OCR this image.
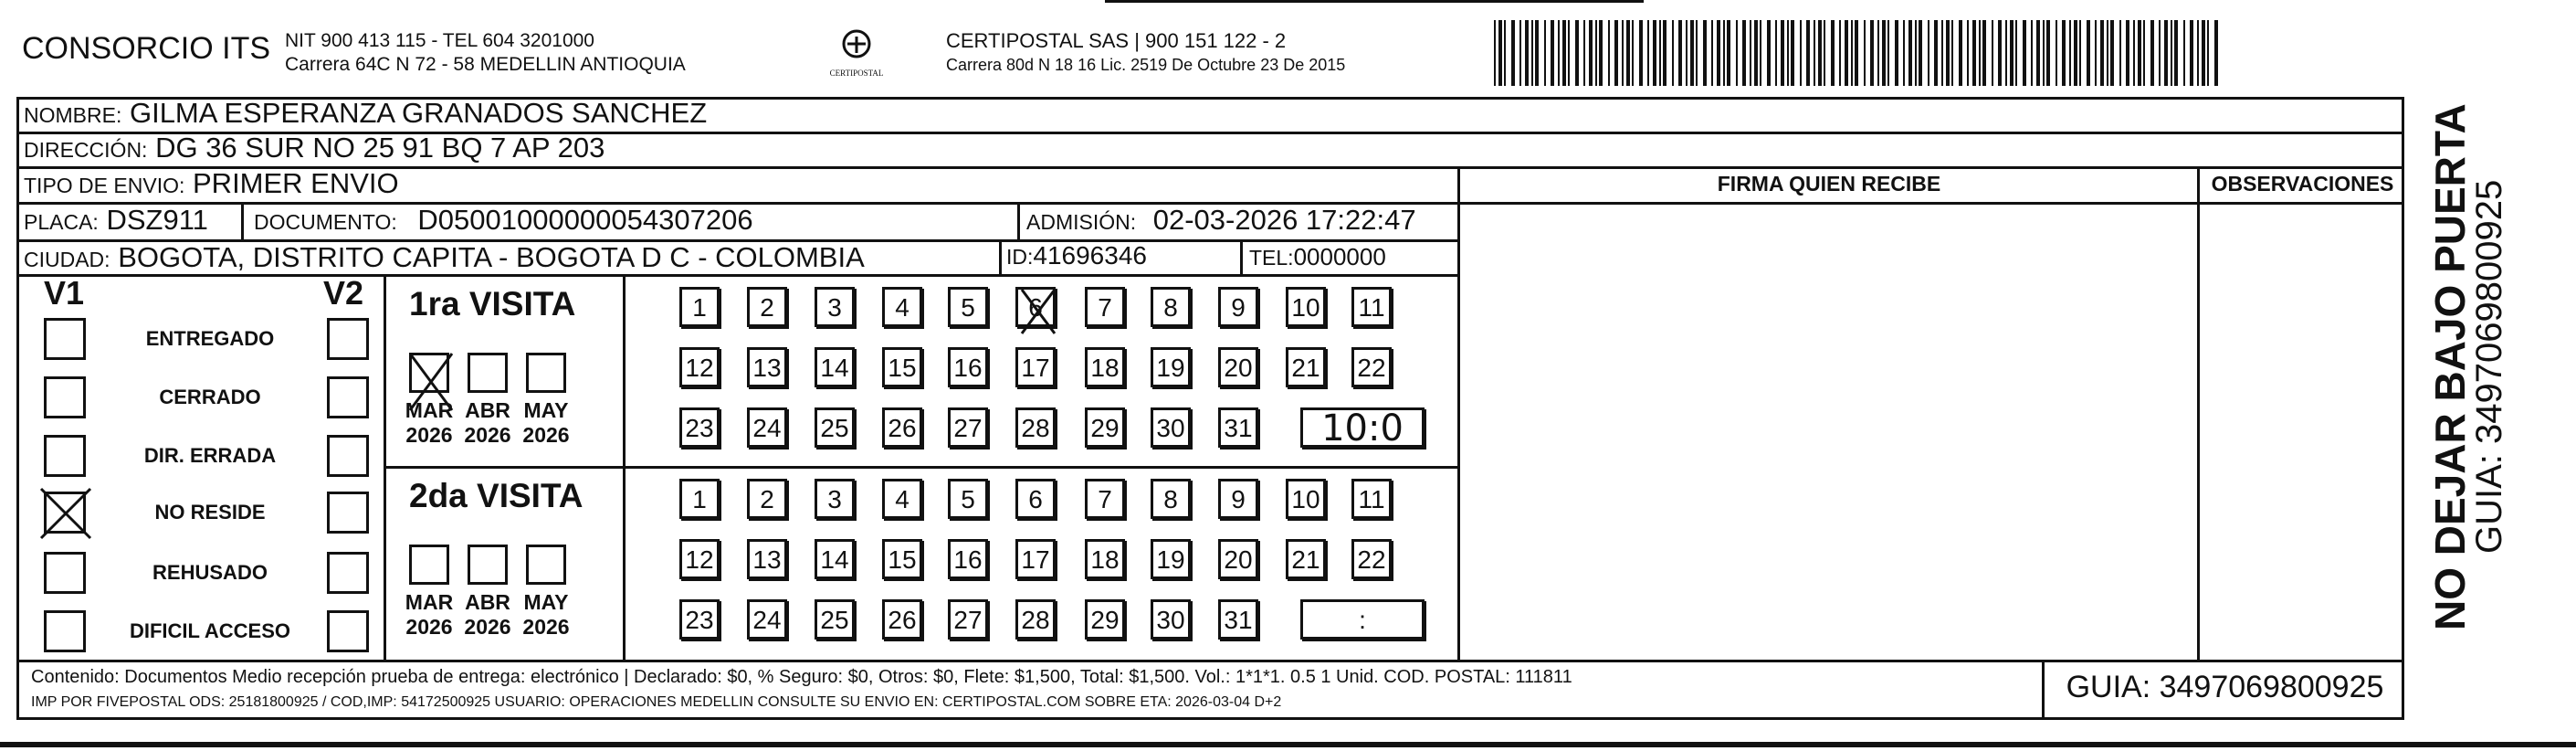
CONSORCIO ITS NIT 900 413 115 - TEL 604 3201000
Carrera 64C N 72 - 58 MEDELLIN ANTIOQUIA	CERTIPOSTAL
CERTIPOSTAL SAS | 900 151 122 - 2
Carrera 80d N 18 16 Lic. 2519 De Octubre 23 De 2015
NOMBRE: GILMA ESPERANZA GRANADOS SANCHEZ
DIRECCIÓN: DG 36 SUR NO 25 91 BQ 7 AP 203
TIPO DE ENVIO: PRIMER ENVIO
PLACA: DSZ911 DOCUMENTO: D05001000000054307206	ADMISIÓN: 02-03-2026 17:22:47
CIUDAD: BOGOTA, DISTRITO CAPITA - BOGOTA D C - COLOMBIA	ID:41696346	TEL:0000000
FIRMA QUIEN RECIBE	OBSERVACIONES
V1	V2
ENTREGADO
CERRADO
DIR. ERRADA
NO RESIDE
REHUSADO
DIFICIL ACCESO
1ra VISITA
MAR
2026
ABR
2026
MAY
2026
1	2	3	4	5	6	7	8	9	10 11
12 13 14 15 16 17 18 19 20 21 22
23 24 25 26 27 28 29 30 31	10:0
2da VISITA
MAR
2026
ABR
2026
MAY
2026
1	2	3	4	5	6	7	8	9	10 11
12 13 14 15 16 17 18 19 20 21 22
23 24 25 26 27 28 29 30 31	:
Contenido: Documentos Medio recepción prueba de entrega: electrónico | Declarado: $0, % Seguro: $0, Otros: $0, Flete: $1,500, Total: $1,500. Vol.: 1*1*1. 0.5 1 Unid. COD. POSTAL: 111811
IMP POR FIVEPOSTAL ODS: 25181800925 / COD,IMP: 54172500925 USUARIO: OPERACIONES MEDELLIN CONSULTE SU ENVIO EN: CERTIPOSTAL.COM SOBRE ETA: 2026-03-04 D+2	GUIA: 3497069800925
NO DEJAR BAJO PUERTA
GUIA: 3497069800925
